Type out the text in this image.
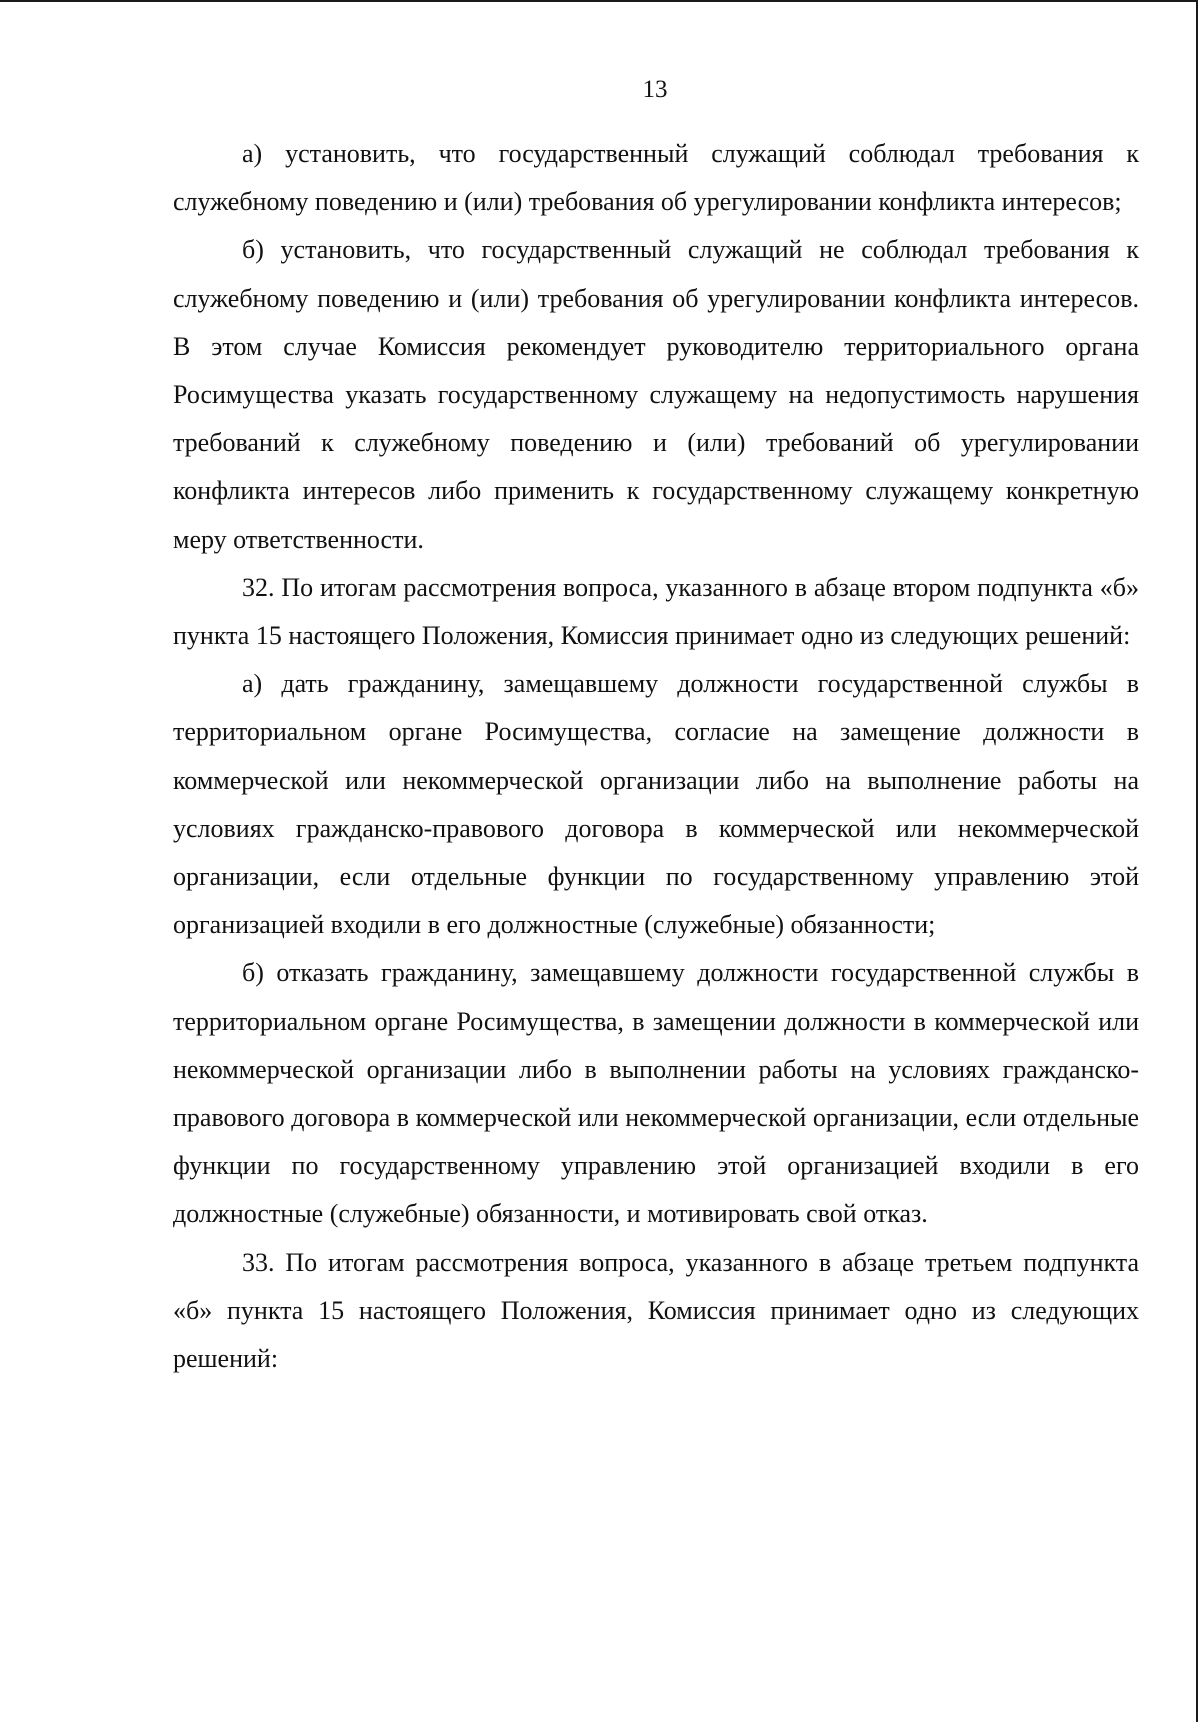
13

а) установить, что государственный служащий соблюдал требования к служебному поведению и (или) требования об урегулировании конфликта интересов;

б) установить, что государственный служащий не соблюдал требования к служебному поведению и (или) требования об урегулировании конфликта интересов. В этом случае Комиссия рекомендует руководителю территориального органа Росимущества указать государственному служащему на недопустимость нарушения требований к служебному поведению и (или) требований об урегулировании конфликта интересов либо применить к государственному служащему конкретную меру ответственности.

32. По итогам рассмотрения вопроса, указанного в абзаце втором подпункта «б» пункта 15 настоящего Положения, Комиссия принимает одно из следующих решений:

а) дать гражданину, замещавшему должности государственной службы в территориальном органе Росимущества, согласие на замещение должности в коммерческой или некоммерческой организации либо на выполнение работы на условиях гражданско-правового договора в коммерческой или некоммерческой организации, если отдельные функции по государственному управлению этой организацией входили в его должностные (служебные) обязанности;

б) отказать гражданину, замещавшему должности государственной службы в территориальном органе Росимущества, в замещении должности в коммерческой или некоммерческой организации либо в выполнении работы на условиях гражданско-правового договора в коммерческой или некоммерческой организации, если отдельные функции по государственному управлению этой организацией входили в его должностные (служебные) обязанности, и мотивировать свой отказ.

33. По итогам рассмотрения вопроса, указанного в абзаце третьем подпункта «б» пункта 15 настоящего Положения, Комиссия принимает одно из следующих решений:
